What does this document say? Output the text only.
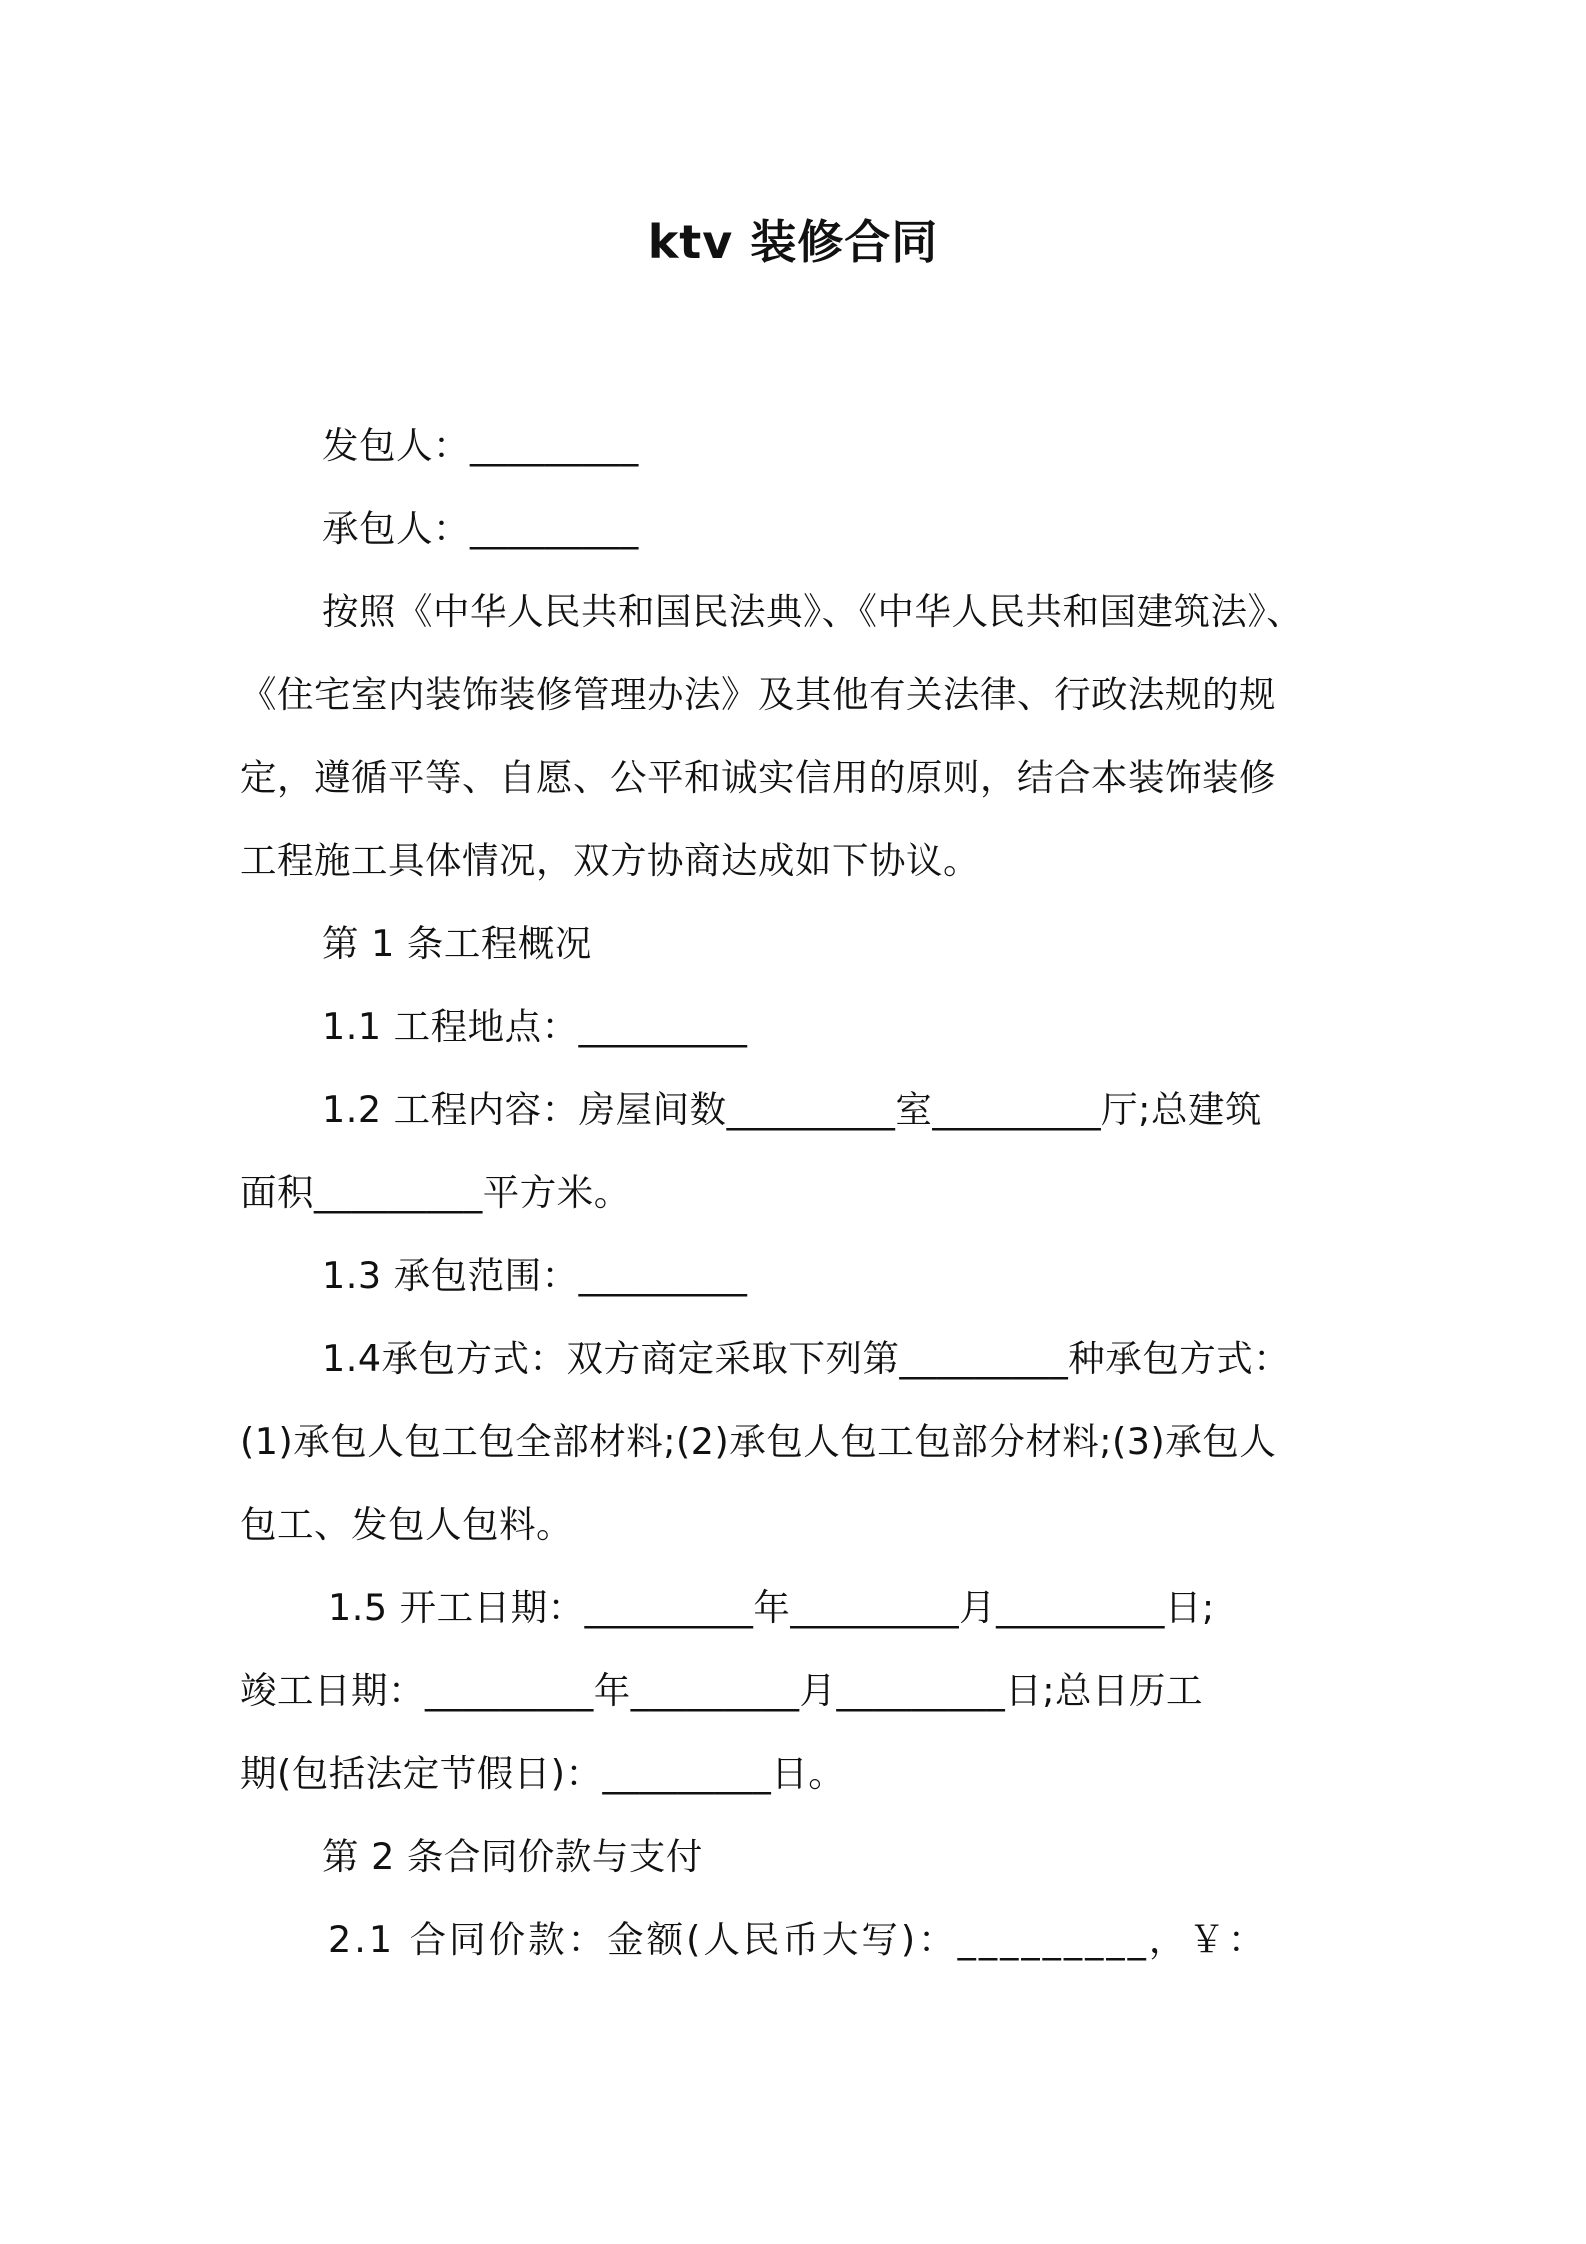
ktv 装修合同
发包人：_________
承包人：_________
按照《中华人民共和国民法典》、《中华人民共和国建筑法》、
《住宅室内装饰装修管理办法》及其他有关法律、行政法规的规
定，遵循平等、自愿、公平和诚实信用的原则，结合本装饰装修
工程施工具体情况，双方协商达成如下协议。
第 1 条工程概况
1.1 工程地点：_________
1.2 工程内容：房屋间数_________室_________厅;总建筑
面积_________平方米。
1.3 承包范围：_________
1.4承包方式：双方商定采取下列第_________种承包方式：
(1)承包人包工包全部材料;(2)承包人包工包部分材料;(3)承包人
包工、发包人包料。
1.5 开工日期：_________年_________月_________日;
竣工日期：_________年_________月_________日;总日历工
期(包括法定节假日)：_________日。
第 2 条合同价款与支付
2.1 合同价款：金额(人民币大写)：_________，￥：
